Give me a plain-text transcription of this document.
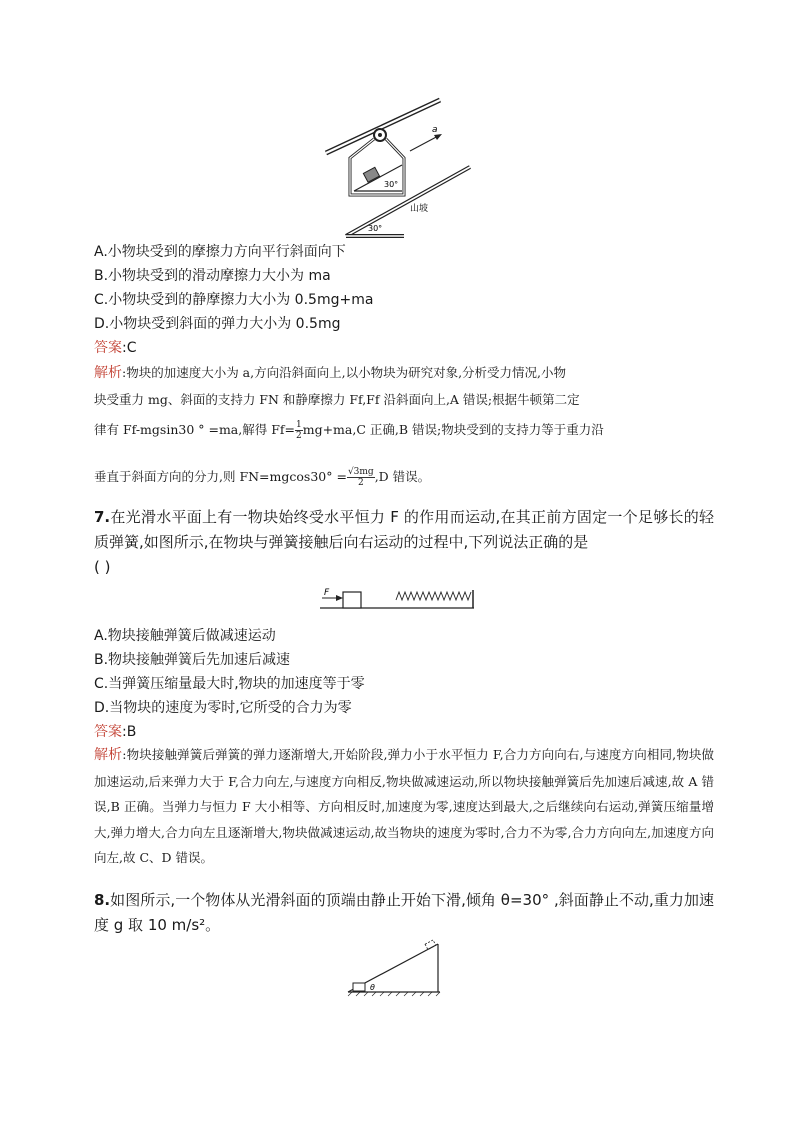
a
30°
30°
山坡
A.小物块受到的摩擦力方向平行斜面向下
B.小物块受到的滑动摩擦力大小为 ma
C.小物块受到的静摩擦力大小为 0.5mg+ma
D.小物块受到斜面的弹力大小为 0.5mg
答案:C
解析:物块的加速度大小为 a,方向沿斜面向上,以小物块为研究对象,分析受力情况,小物
块受重力 mg、斜面的支持力 FN 和静摩擦力 Ff,Ff 沿斜面向上,A 错误;根据牛顿第二定
律有 Ff-mgsin30 ° =ma,解得 $Ff= \frac{1}{2} mg+ma,C$ 正确,B 错误;物块受到的支持力等于重力沿
垂直于斜面方向的分力,则 $FN=mgcos30^\circ = \frac{√3mg}{2} ,D$ 错误。
7.在光滑水平面上有一物块始终受水平恒力 F 的作用而运动,在其正前方固定一个足够长的轻质弹簧,如图所示,在物块与弹簧接触后向右运动的过程中,下列说法正确的是
( )
F
A.物块接触弹簧后做减速运动
B.物块接触弹簧后先加速后减速
C.当弹簧压缩量最大时,物块的加速度等于零
D.当物块的速度为零时,它所受的合力为零
答案:B
解析:物块接触弹簧后弹簧的弹力逐渐增大,开始阶段,弹力小于水平恒力 F,合力方向向右,与速度方向相同,物块做加速运动,后来弹力大于 F,合力向左,与速度方向相反,物块做减速运动,所以物块接触弹簧后先加速后减速,故 A 错误,B 正确。当弹力与恒力 F 大小相等、方向相反时,加速度为零,速度达到最大,之后继续向右运动,弹簧压缩量增大,弹力增大,合力向左且逐渐增大,物块做减速运动,故当物块的速度为零时,合力不为零,合力方向向左,加速度方向向左,故 C、D 错误。
8.如图所示,一个物体从光滑斜面的顶端由静止开始下滑,倾角 θ=30° ,斜面静止不动,重力加速度 g 取 10 m/s²。
θ
